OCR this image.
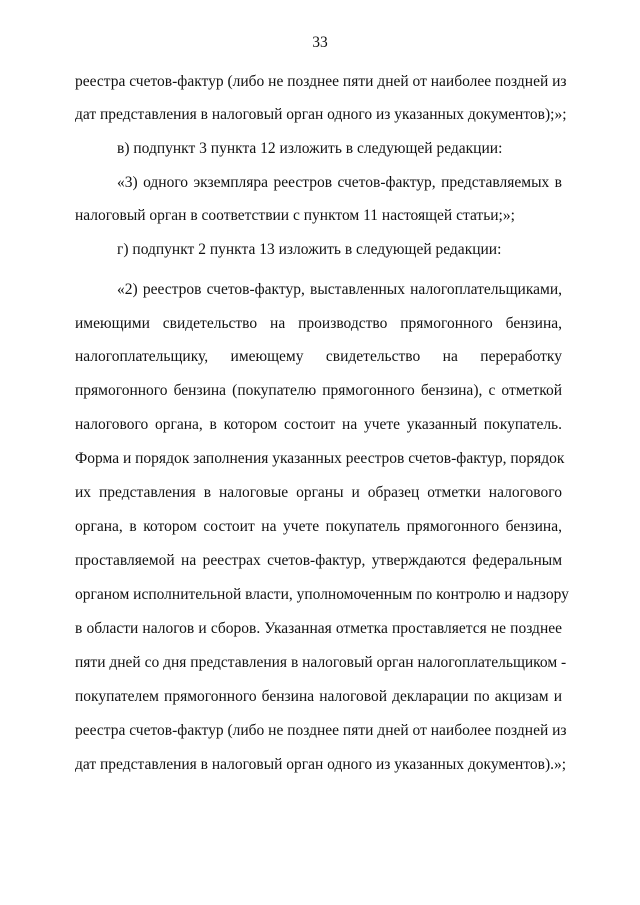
33
реестра счетов-фактур (либо не позднее пяти дней от наиболее поздней из
дат представления в налоговый орган одного из указанных документов);»;
в) подпункт 3 пункта 12 изложить в следующей редакции:
«3) одного экземпляра реестров счетов-фактур, представляемых в
налоговый орган в соответствии с пунктом 11 настоящей статьи;»;
г) подпункт 2 пункта 13 изложить в следующей редакции:
«2) реестров счетов-фактур, выставленных налогоплательщиками,
имеющими свидетельство на производство прямогонного бензина,
налогоплательщику, имеющему свидетельство на переработку
прямогонного бензина (покупателю прямогонного бензина), с отметкой
налогового органа, в котором состоит на учете указанный покупатель.
Форма и порядок заполнения указанных реестров счетов-фактур, порядок
их представления в налоговые органы и образец отметки налогового
органа, в котором состоит на учете покупатель прямогонного бензина,
проставляемой на реестрах счетов-фактур, утверждаются федеральным
органом исполнительной власти, уполномоченным по контролю и надзору
в области налогов и сборов. Указанная отметка проставляется не позднее
пяти дней со дня представления в налоговый орган налогоплательщиком -
покупателем прямогонного бензина налоговой декларации по акцизам и
реестра счетов-фактур (либо не позднее пяти дней от наиболее поздней из
дат представления в налоговый орган одного из указанных документов).»;
